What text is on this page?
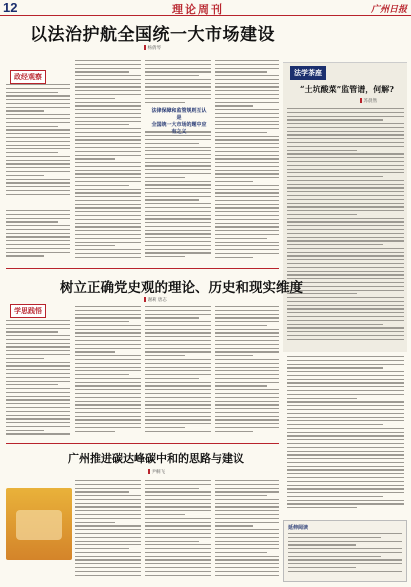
12	理论周刊	广州日报
以法治护航全国统一大市场建设
杨倩琴
政经观察
法律保障和监管规则互认是
全国统一大市场的题中应有之义
法学茶座
“土坑酸菜”监管谱，何解?
苏晨然
树立正确党史观的理论、历史和现实维度
谢莉 唐志
学思践悟
广州推进碳达峰碳中和的思路与建议
尹桐飞
延伸阅读
